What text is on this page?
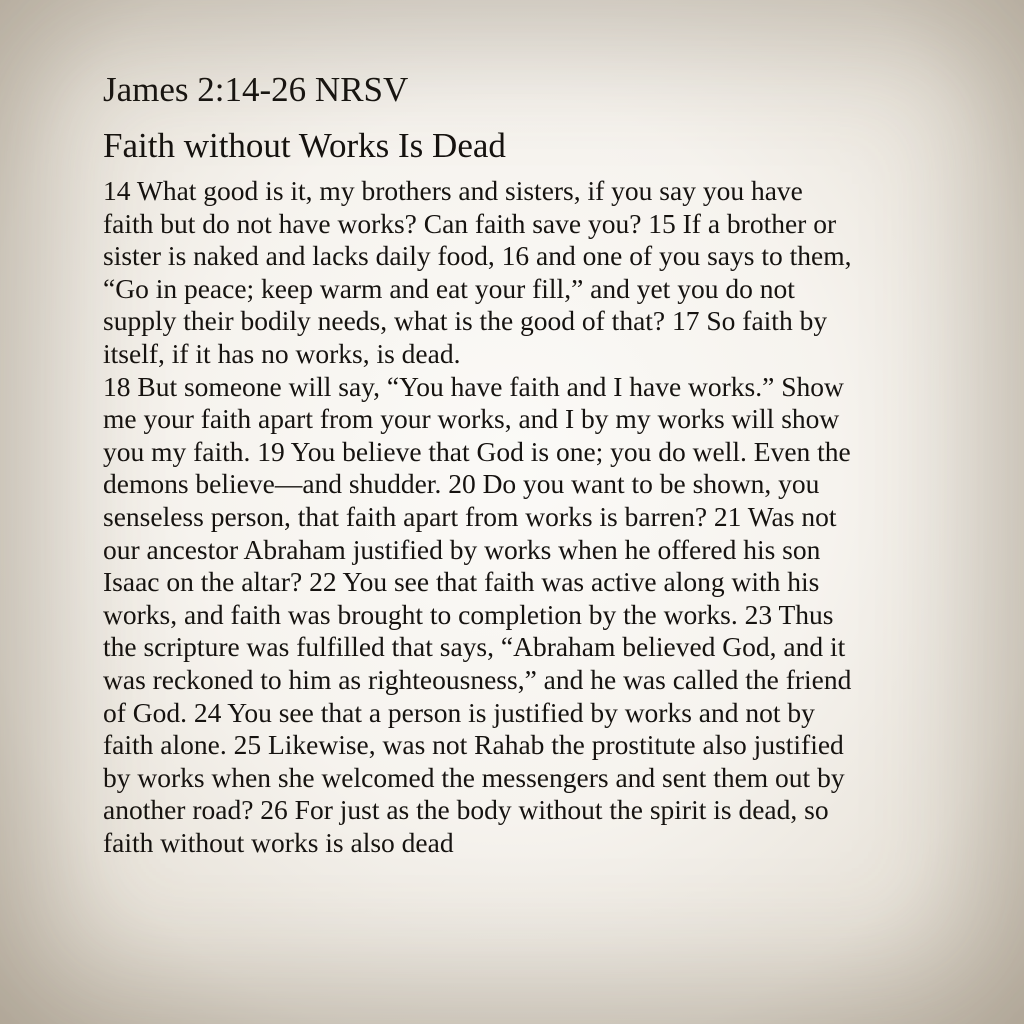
James 2:14-26 NRSV
Faith without Works Is Dead
14 What good is it, my brothers and sisters, if you say you have
faith but do not have works? Can faith save you? 15 If a brother or
sister is naked and lacks daily food, 16 and one of you says to them,
“Go in peace; keep warm and eat your fill,” and yet you do not
supply their bodily needs, what is the good of that? 17 So faith by
itself, if it has no works, is dead.
18 But someone will say, “You have faith and I have works.” Show
me your faith apart from your works, and I by my works will show
you my faith. 19 You believe that God is one; you do well. Even the
demons believe—and shudder. 20 Do you want to be shown, you
senseless person, that faith apart from works is barren? 21 Was not
our ancestor Abraham justified by works when he offered his son
Isaac on the altar? 22 You see that faith was active along with his
works, and faith was brought to completion by the works. 23 Thus
the scripture was fulfilled that says, “Abraham believed God, and it
was reckoned to him as righteousness,” and he was called the friend
of God. 24 You see that a person is justified by works and not by
faith alone. 25 Likewise, was not Rahab the prostitute also justified
by works when she welcomed the messengers and sent them out by
another road? 26 For just as the body without the spirit is dead, so
faith without works is also dead
